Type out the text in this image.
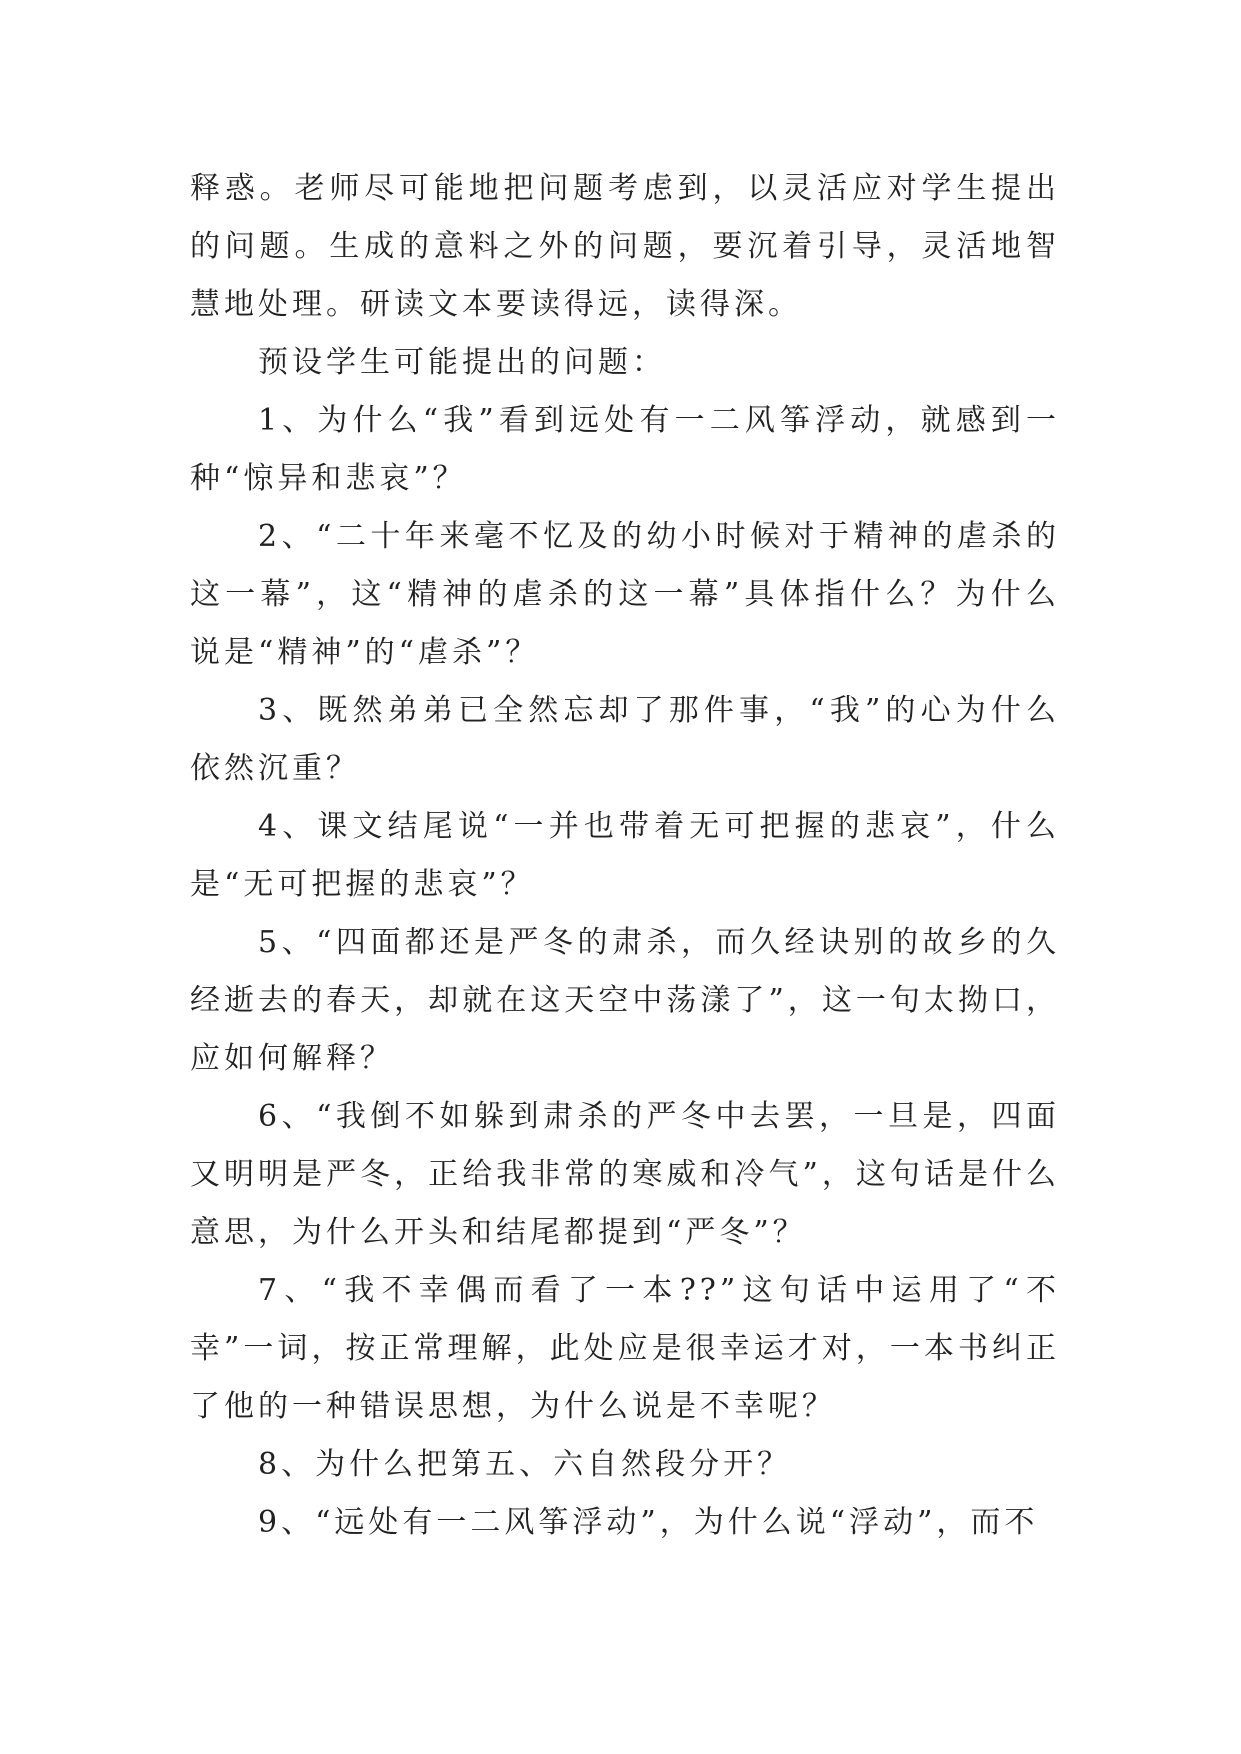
释惑。老师尽可能地把问题考虑到，以灵活应对学生提出的问题。生成的意料之外的问题，要沉着引导，灵活地智慧地处理。研读文本要读得远，读得深。

预设学生可能提出的问题：

1、为什么“我”看到远处有一二风筝浮动，就感到一种“惊异和悲哀”？

2、“二十年来毫不忆及的幼小时候对于精神的虐杀的这一幕”，这“精神的虐杀的这一幕”具体指什么？为什么说是“精神”的“虐杀”？

3、既然弟弟已全然忘却了那件事，“我”的心为什么依然沉重？

4、课文结尾说“一并也带着无可把握的悲哀”，什么是“无可把握的悲哀”？

5、“四面都还是严冬的肃杀，而久经诀别的故乡的久经逝去的春天，却就在这天空中荡漾了”，这一句太拗口，应如何解释？

6、“我倒不如躲到肃杀的严冬中去罢，一旦是，四面又明明是严冬，正给我非常的寒威和冷气”，这句话是什么意思，为什么开头和结尾都提到“严冬”？

7、“我不幸偶而看了一本??”这句话中运用了“不幸”一词，按正常理解，此处应是很幸运才对，一本书纠正了他的一种错误思想，为什么说是不幸呢？

8、为什么把第五、六自然段分开？

9、“远处有一二风筝浮动”，为什么说“浮动”，而不
